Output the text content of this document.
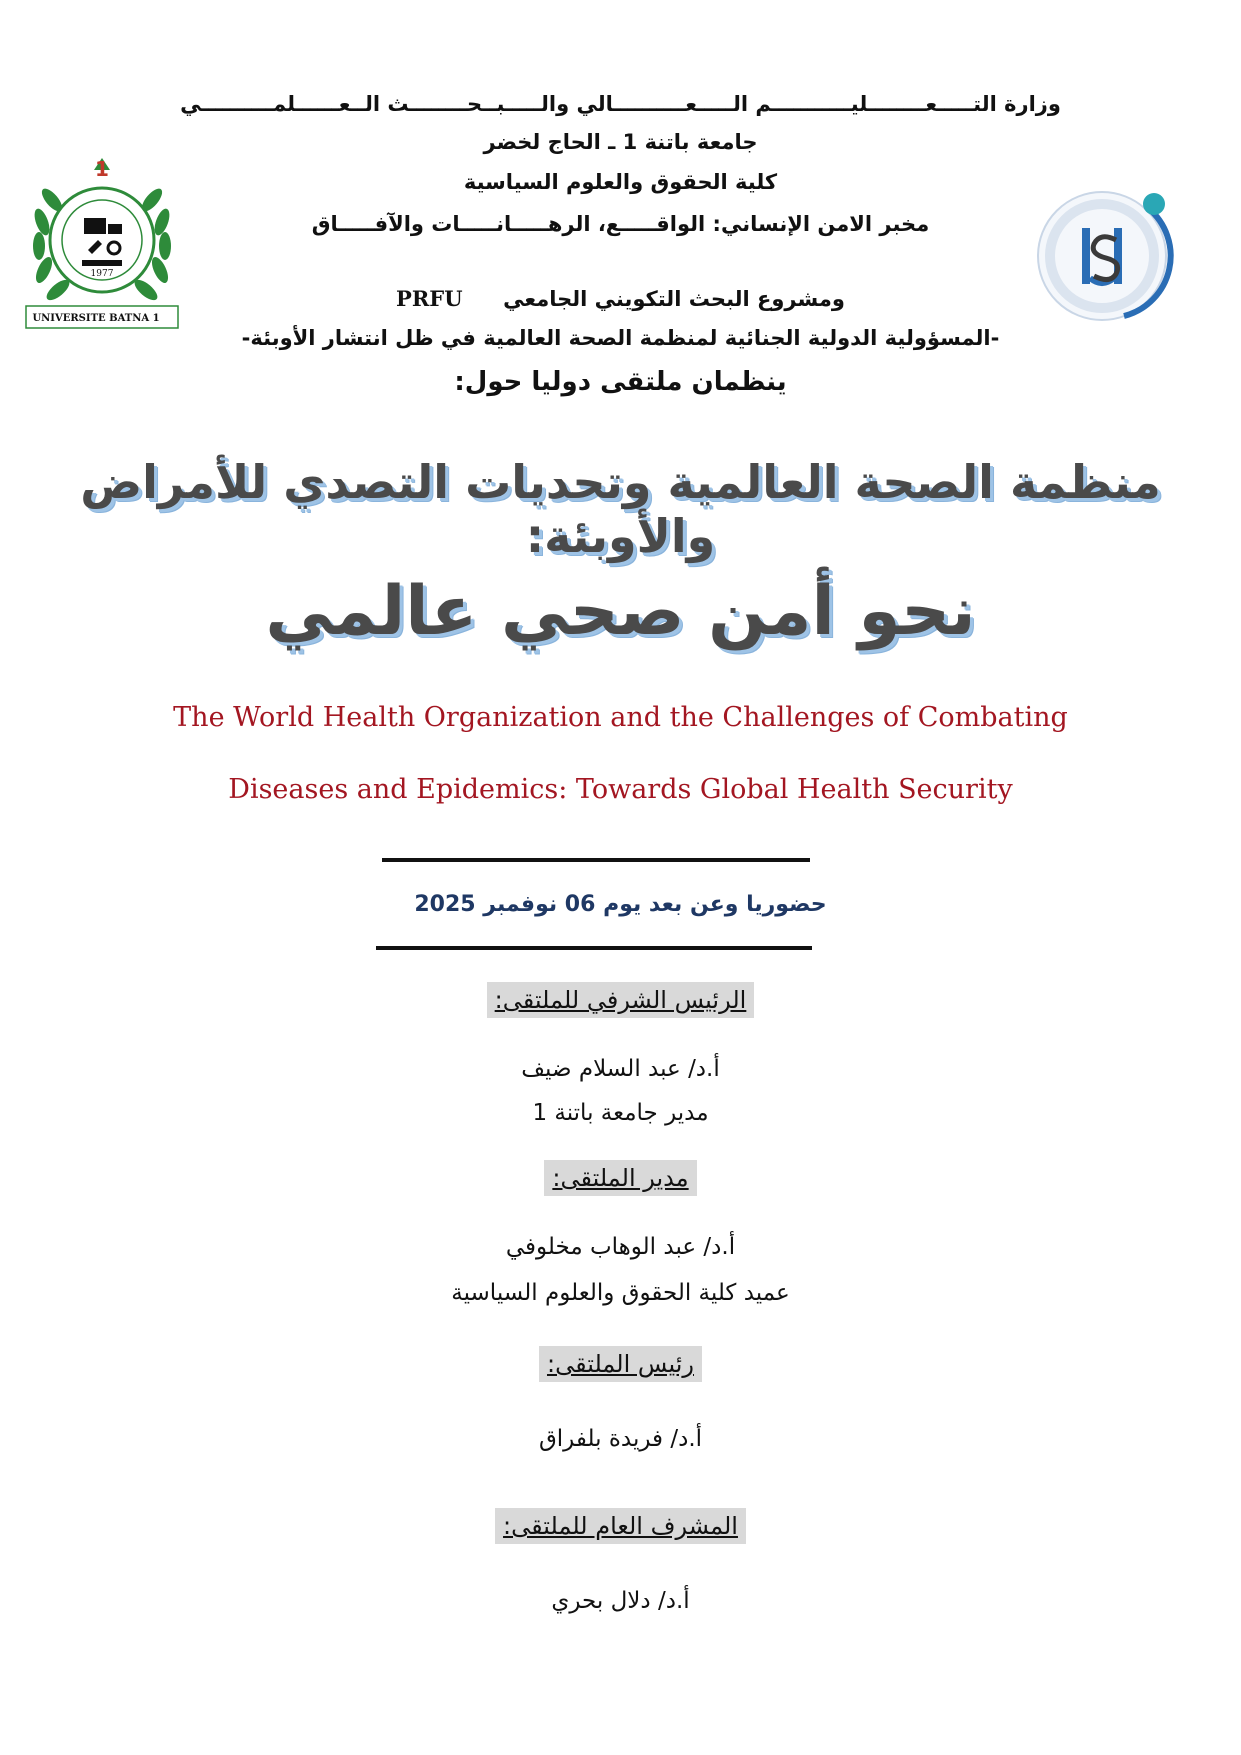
1
1977
UNIVERSITE BATNA 1
وزارة التـــــعــــــــليـــــــــــم الـــــعــــــــــالي والـــــبــحــــــــث الــعــــــلمــــــــــي
جامعة باتنة 1 ـ الحاج لخضر
كلية الحقوق والعلوم السياسية
مخبر الامن الإنساني: الواقـــــع، الرهـــــانـــــات والآفـــــاق
ومشروع البحث التكويني الجامعي  PRFU
-المسؤولية الدولية الجنائية لمنظمة الصحة العالمية في ظل انتشار الأوبئة-
ينظمان ملتقى دوليا حول:
منظمة الصحة العالمية وتحديات التصدي للأمراض والأوبئة:
نحو أمن صحي عالمي
The World Health Organization and the Challenges of Combating
Diseases and Epidemics: Towards Global Health Security
حضوريا وعن بعد يوم 06 نوفمبر 2025
الرئيس الشرفي للملتقى:
أ.د/ عبد السلام ضيف
مدير جامعة باتنة 1
مدير الملتقى:
أ.د/ عبد الوهاب مخلوفي
عميد كلية الحقوق والعلوم السياسية
رئيس الملتقى:
أ.د/ فريدة بلفراق
المشرف العام للملتقى:
أ.د/ دلال بحري
